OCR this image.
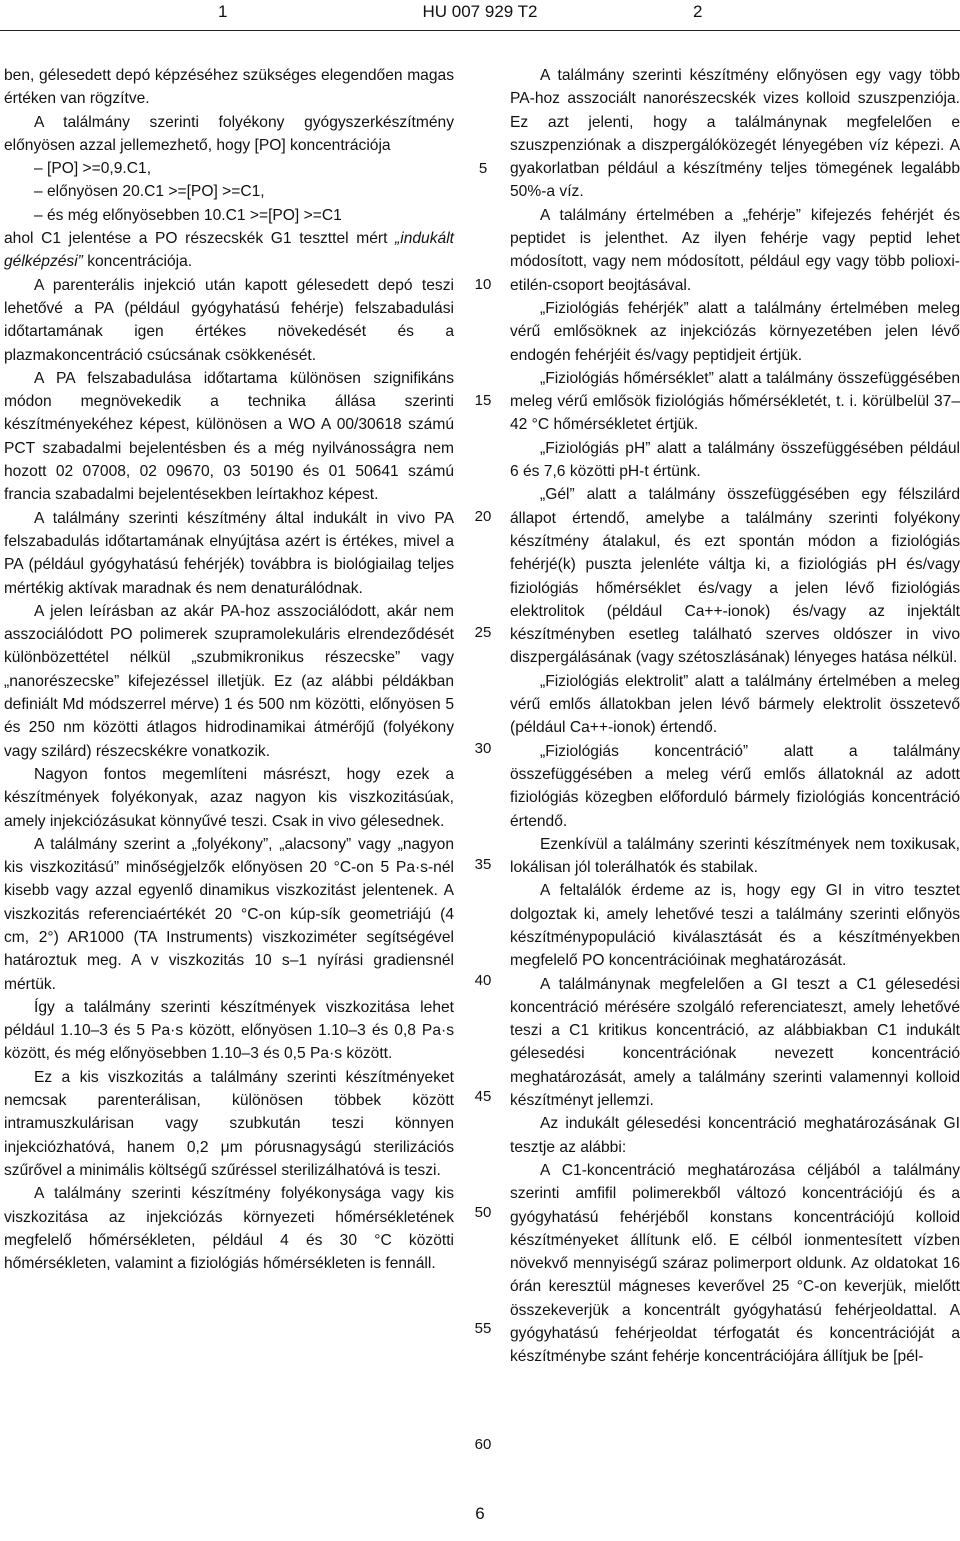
1	HU 007 929 T2	2

ben, gélesedett depó képzéséhez szükséges elegendően magas értéken van rögzítve.

A találmány szerinti folyékony gyógyszerkészítmény előnyösen azzal jellemezhető, hogy [PO] koncentrációja

– [PO] >=0,9.C1,

– előnyösen 20.C1 >=[PO] >=C1,

– és még előnyösebben 10.C1 >=[PO] >=C1

ahol C1 jelentése a PO részecskék G1 teszttel mért „indukált gélképzési” koncentrációja.

A parenterális injekció után kapott gélesedett depó teszi lehetővé a PA (például gyógyhatású fehérje) felszabadulási időtartamának igen értékes növekedését és a plazmakoncentráció csúcsának csökkenését.

A PA felszabadulása időtartama különösen szignifikáns módon megnövekedik a technika állása szerinti készítményekéhez képest, különösen a WO A 00/30618 számú PCT szabadalmi bejelentésben és a még nyilvánosságra nem hozott 02 07008, 02 09670, 03 50190 és 01 50641 számú francia szabadalmi bejelentésekben leírtakhoz képest.

A találmány szerinti készítmény által indukált in vivo PA felszabadulás időtartamának elnyújtása azért is értékes, mivel a PA (például gyógyhatású fehérjék) továbbra is biológiailag teljes mértékig aktívak maradnak és nem denaturálódnak.

A jelen leírásban az akár PA-hoz asszociálódott, akár nem asszociálódott PO polimerek szupramolekuláris elrendeződését különbözettétel nélkül „szubmikronikus részecske” vagy „nanorészecske” kifejezéssel illetjük. Ez (az alábbi példákban definiált Md módszerrel mérve) 1 és 500 nm közötti, előnyösen 5 és 250 nm közötti átlagos hidrodinamikai átmérőjű (folyékony vagy szilárd) részecskékre vonatkozik.

Nagyon fontos megemlíteni másrészt, hogy ezek a készítmények folyékonyak, azaz nagyon kis viszkozitásúak, amely injekciózásukat könnyűvé teszi. Csak in vivo gélesednek.

A találmány szerint a „folyékony”, „alacsony” vagy „nagyon kis viszkozitású” minőségjelzők előnyösen 20 °C-on 5 Pa·s-nél kisebb vagy azzal egyenlő dinamikus viszkozitást jelentenek. A viszkozitás referenciaértékét 20 °C-on kúp-sík geometriájú (4 cm, 2°) AR1000 (TA Instruments) viszkoziméter segítségével határoztuk meg. A v viszkozitás 10 s–1 nyírási gradiensnél mértük.

Így a találmány szerinti készítmények viszkozitása lehet például 1.10–3 és 5 Pa·s között, előnyösen 1.10–3 és 0,8 Pa·s között, és még előnyösebben 1.10–3 és 0,5 Pa·s között.

Ez a kis viszkozitás a találmány szerinti készítményeket nemcsak parenterálisan, különösen többek között intramuszkulárisan vagy szubkután teszi könnyen injekciózhatóvá, hanem 0,2 μm pórusnagyságú sterilizációs szűrővel a minimális költségű szűréssel sterilizálhatóvá is teszi.

A találmány szerinti készítmény folyékonysága vagy kis viszkozitása az injekciózás környezeti hőmérsékletének megfelelő hőmérsékleten, például 4 és 30 °C közötti hőmérsékleten, valamint a fiziológiás hőmérsékleten is fennáll.

5
10
15
20
25
30
35
40
45
50
55
60

A találmány szerinti készítmény előnyösen egy vagy több PA-hoz asszociált nanorészecskék vizes kolloid szuszpenziója. Ez azt jelenti, hogy a találmánynak megfelelően e szuszpenziónak a diszpergálóközegét lényegében víz képezi. A gyakorlatban például a készítmény teljes tömegének legalább 50%-a víz.

A találmány értelmében a „fehérje” kifejezés fehérjét és peptidet is jelenthet. Az ilyen fehérje vagy peptid lehet módosított, vagy nem módosított, például egy vagy több polioxi-etilén-csoport beojtásával.

„Fiziológiás fehérjék” alatt a találmány értelmében meleg vérű emlősöknek az injekciózás környezetében jelen lévő endogén fehérjéit és/vagy peptidjeit értjük.

„Fiziológiás hőmérséklet” alatt a találmány összefüggésében meleg vérű emlősök fiziológiás hőmérsékletét, t. i. körülbelül 37–42 °C hőmérsékletet értjük.

„Fiziológiás pH” alatt a találmány összefüggésében például 6 és 7,6 közötti pH-t értünk.

„Gél” alatt a találmány összefüggésében egy félszilárd állapot értendő, amelybe a találmány szerinti folyékony készítmény átalakul, és ezt spontán módon a fiziológiás fehérjé(k) puszta jelenléte váltja ki, a fiziológiás pH és/vagy fiziológiás hőmérséklet és/vagy a jelen lévő fiziológiás elektrolitok (például Ca++-ionok) és/vagy az injektált készítményben esetleg található szerves oldószer in vivo diszpergálásának (vagy szétoszlásának) lényeges hatása nélkül.

„Fiziológiás elektrolit” alatt a találmány értelmében a meleg vérű emlős állatokban jelen lévő bármely elektrolit összetevő (például Ca++-ionok) értendő.

„Fiziológiás koncentráció” alatt a találmány összefüggésében a meleg vérű emlős állatoknál az adott fiziológiás közegben előforduló bármely fiziológiás koncentráció értendő.

Ezenkívül a találmány szerinti készítmények nem toxikusak, lokálisan jól tolerálhatók és stabilak.

A feltalálók érdeme az is, hogy egy GI in vitro tesztet dolgoztak ki, amely lehetővé teszi a találmány szerinti előnyös készítménypopuláció kiválasztását és a készítményekben megfelelő PO koncentrációinak meghatározását.

A találmánynak megfelelően a GI teszt a C1 gélesedési koncentráció mérésére szolgáló referenciateszt, amely lehetővé teszi a C1 kritikus koncentráció, az alábbiakban C1 indukált gélesedési koncentrációnak nevezett koncentráció meghatározását, amely a találmány szerinti valamennyi kolloid készítményt jellemzi.

Az indukált gélesedési koncentráció meghatározásának GI tesztje az alábbi:

A C1-koncentráció meghatározása céljából a találmány szerinti amfifil polimerekből változó koncentrációjú és a gyógyhatású fehérjéből konstans koncentrációjú kolloid készítményeket állítunk elő. E célból ionmentesített vízben növekvő mennyiségű száraz polimerport oldunk. Az oldatokat 16 órán keresztül mágneses keverővel 25 °C-on keverjük, mielőtt összekeverjük a koncentrált gyógyhatású fehérjeoldattal. A gyógyhatású fehérjeoldat térfogatát és koncentrációját a készítménybe szánt fehérje koncentrációjára állítjuk be [pél-

6
